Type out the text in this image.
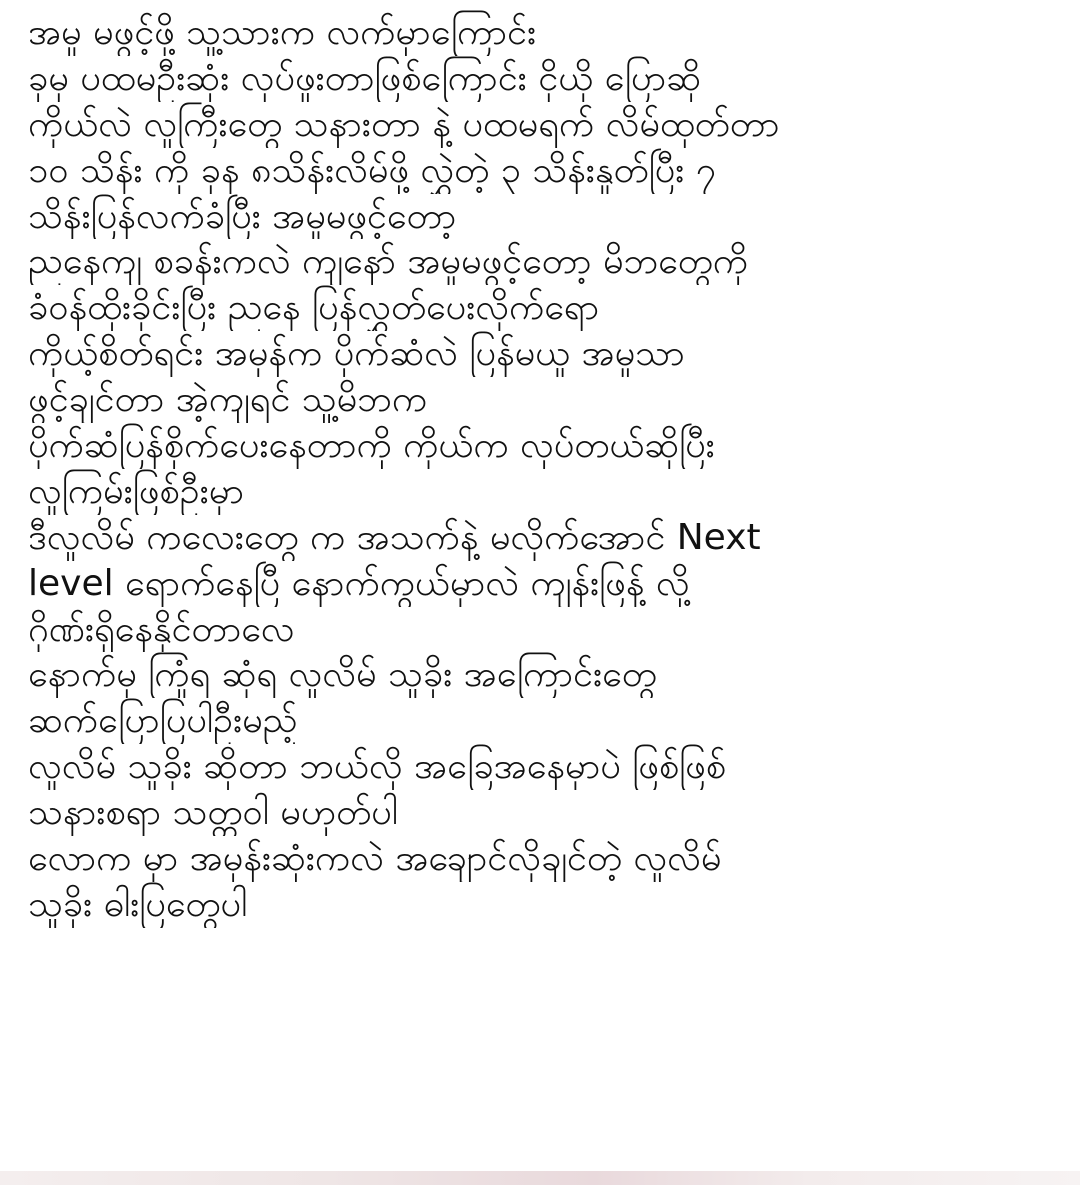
အမှု မဖွင့်ဖို့ သူ့သားက လက်မှာကြောင်း
ခုမှ ပထမဦးဆုံး လုပ်ဖူးတာဖြစ်ကြောင်း ငိုယို ပြောဆို
ကိုယ်လဲ လူကြီးတွေ သနားတာ နဲ့ ပထမရက် လိမ်ထုတ်တာ
၁၀ သိန်း ကို ခုန ၈သိန်းလိမ်ဖို့ လွှဲတဲ့ ၃ သိန်းနှုတ်ပြီး ၇
သိန်းပြန်လက်ခံပြီး အမှုမဖွင့်တော့
ညနေကျ စခန်းကလဲ ကျနော် အမှုမဖွင့်တော့ မိဘတွေကို
ခံဝန်ထိုးခိုင်းပြီး ညနေ ပြန်လွှတ်ပေးလိုက်ရော
ကိုယ့်စိတ်ရင်း အမုန်က ပိုက်ဆံလဲ ပြန်မယူ အမှုသာ
ဖွင့်ချင်တာ အဲ့ကျရင် သူ့မိဘက
ပိုက်ဆံပြန်စိုက်ပေးနေတာကို ကိုယ်က လုပ်တယ်ဆိုပြီး
လူကြမ်းဖြစ်ဦးမှာ
ဒီလူလိမ် ကလေးတွေ က အသက်နဲ့ မလိုက်အောင် Next
level ရောက်နေပြီ နောက်ကွယ်မှာလဲ ကျန်းဖြန့် လို့
ဂိုဏ်းရှိနေနိုင်တာလေ
နောက်မှ ကြုံရ ဆုံရ လူလိမ် သူခိုး အကြောင်းတွေ
ဆက်ပြောပြပါဦးမည့်
လူလိမ် သူခိုး ဆိုတာ ဘယ်လို အခြေအနေမှာပဲ ဖြစ်ဖြစ်
သနားစရာ သတ္တဝါ မဟုတ်ပါ
လောက မှာ အမုန်းဆုံးကလဲ အချောင်လိုချင်တဲ့ လူလိမ်
သူခိုး ဓါးပြတွေပါ
